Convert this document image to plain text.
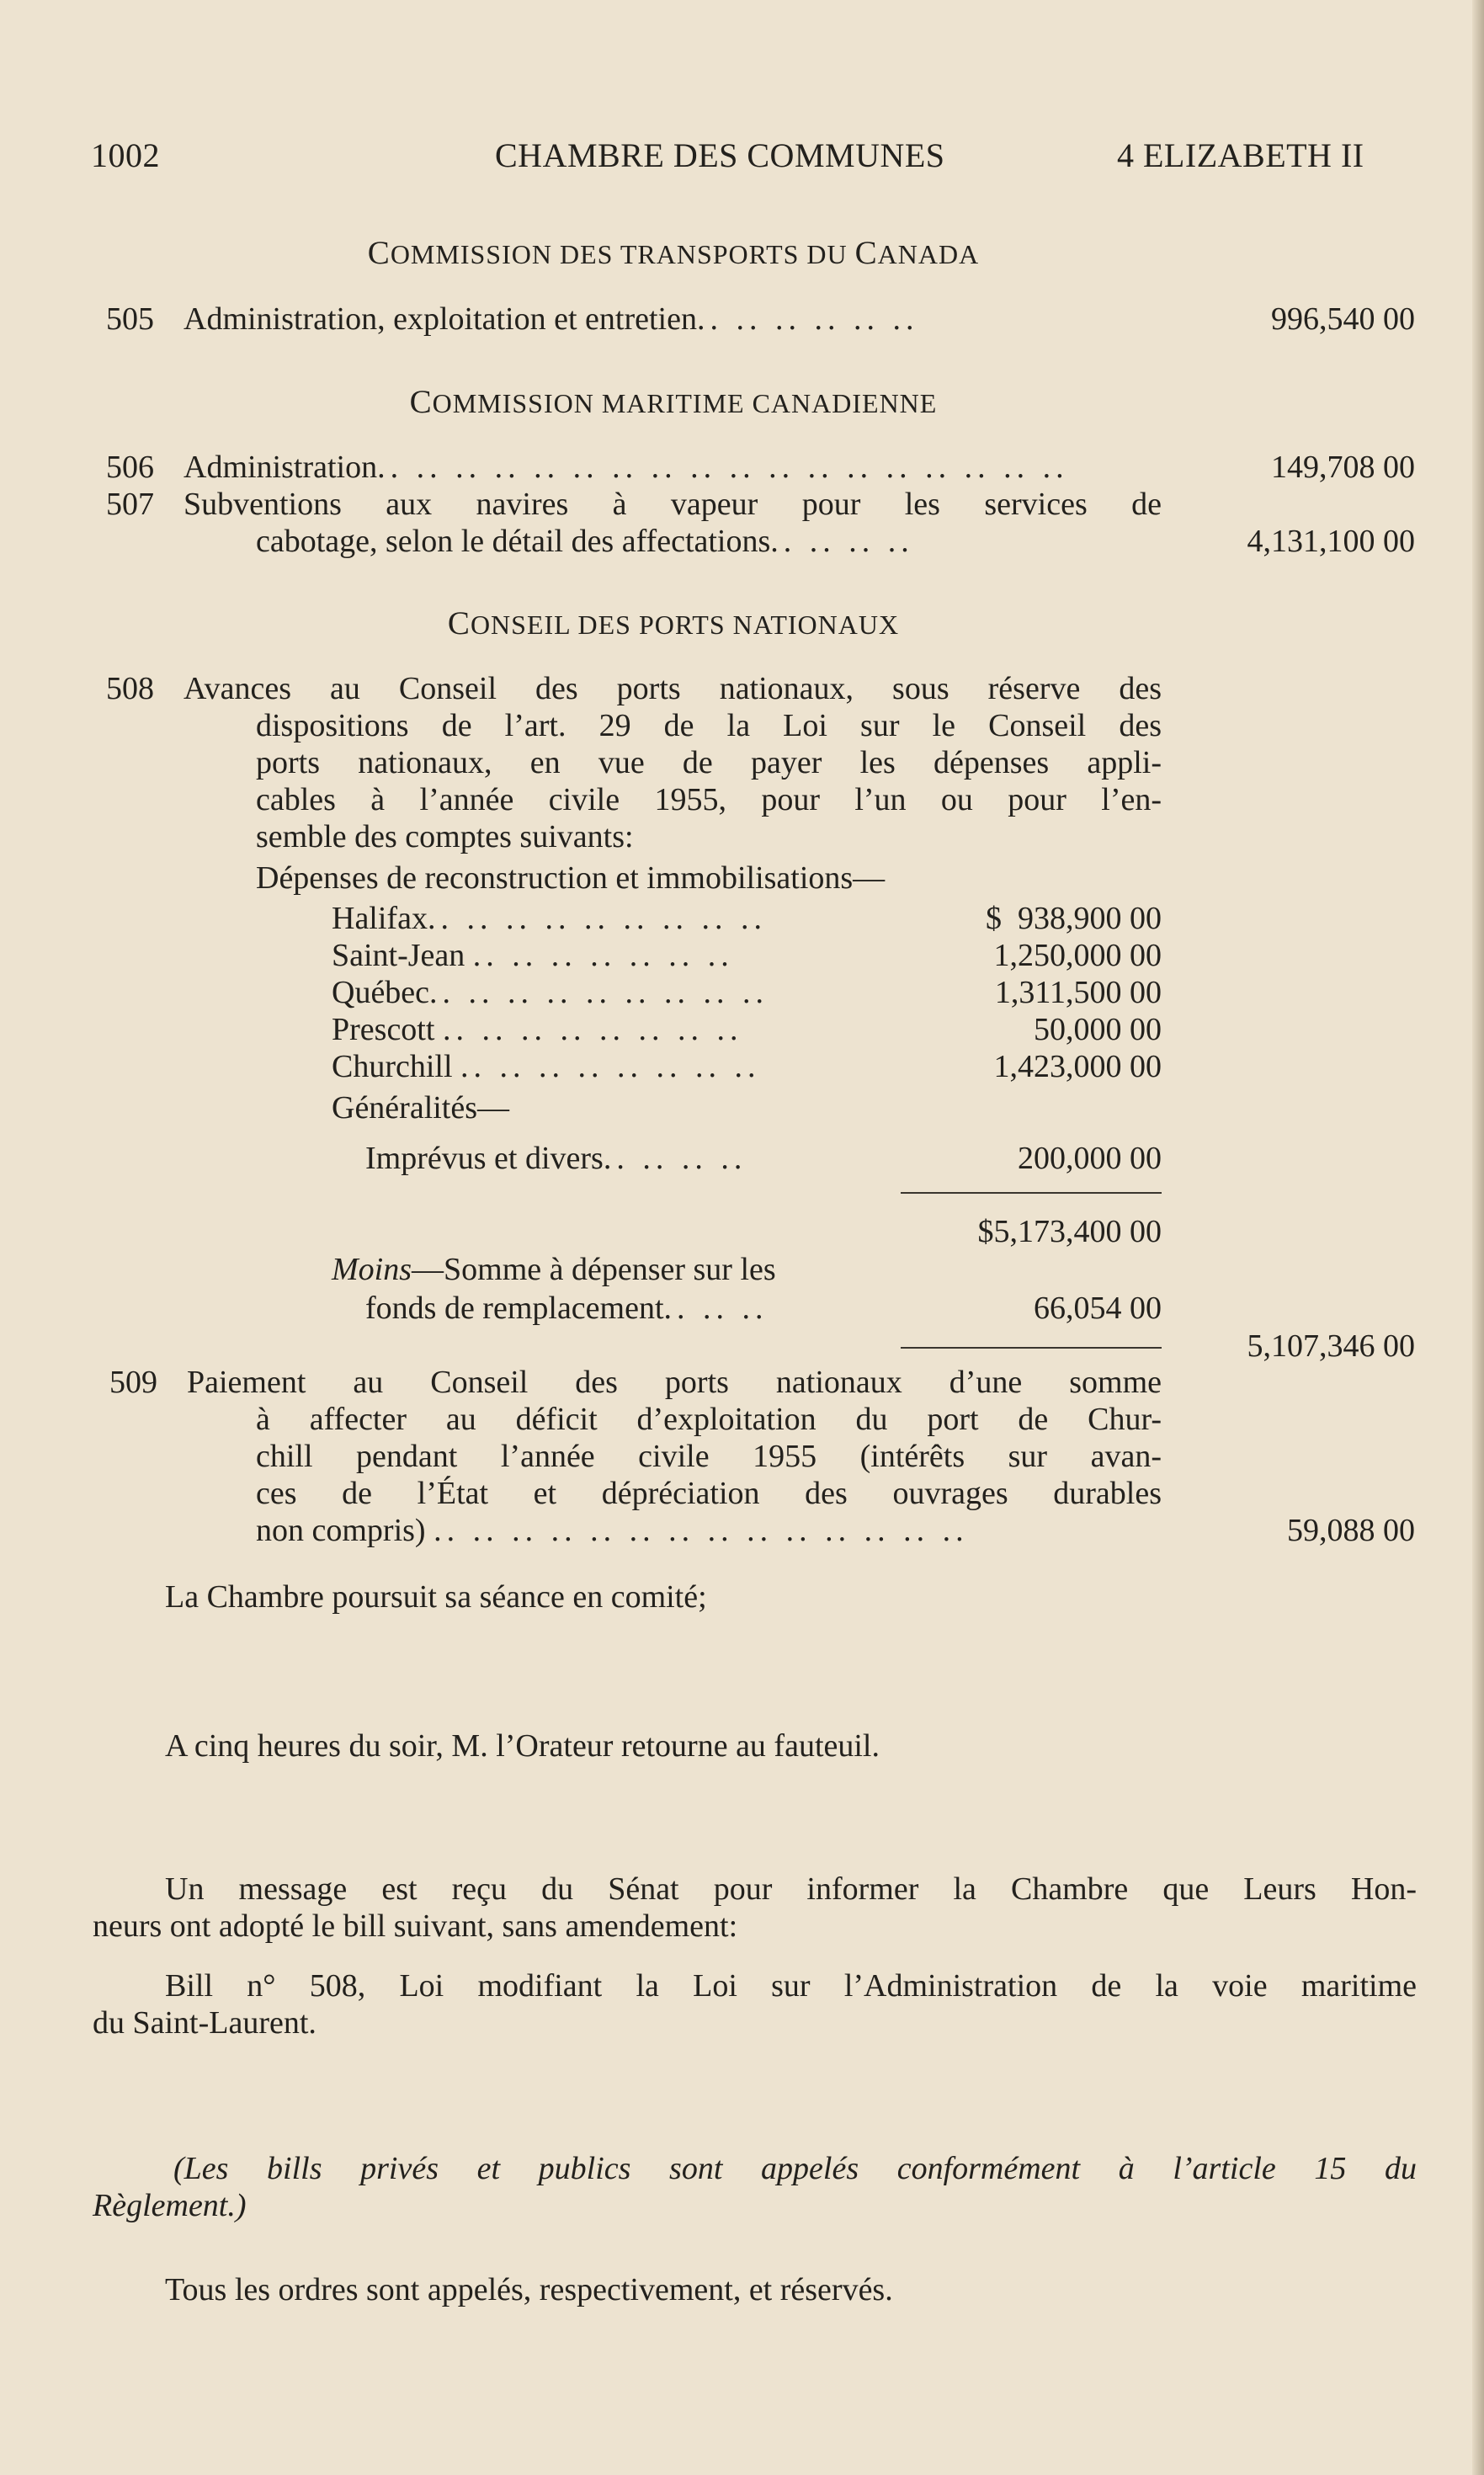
1002	CHAMBRE DES COMMUNES	4 ELIZABETH II
COMMISSION DES TRANSPORTS DU CANADA
505 Administration, exploitation et entretien.. .. .. .. .. ..	996,540 00
COMMISSION MARITIME CANADIENNE
506 Administration.. .. .. .. .. .. .. .. .. .. .. .. .. .. .. .. .. ..	149,708 00
507 Subventions aux navires à vapeur pour les services de
cabotage, selon le détail des affectations.. .. .. ..	4,131,100 00
CONSEIL DES PORTS NATIONAUX
508 Avances au Conseil des ports nationaux, sous réserve des
dispositions de l’art. 29 de la Loi sur le Conseil des
ports nationaux, en vue de payer les dépenses appli-
cables à l’année civile 1955, pour l’un ou pour l’en-
semble des comptes suivants:
Dépenses de reconstruction et immobilisations—
Halifax.. .. .. .. .. .. .. .. ..	$  938,900 00
Saint-Jean .. .. .. .. .. .. ..	1,250,000 00
Québec.. .. .. .. .. .. .. .. ..	1,311,500 00
Prescott .. .. .. .. .. .. .. ..	50,000 00
Churchill .. .. .. .. .. .. .. ..	1,423,000 00
Généralités—
Imprévus et divers.. .. .. ..	200,000 00
$5,173,400 00
Moins—Somme à dépenser sur les
fonds de remplacement.. .. ..	66,054 00
5,107,346 00
509 Paiement au Conseil des ports nationaux d’une somme
à affecter au déficit d’exploitation du port de Chur-
chill pendant l’année civile 1955 (intérêts sur avan-
ces de l’État et dépréciation des ouvrages durables
non compris) .. .. .. .. .. .. .. .. .. .. .. .. .. ..	59,088 00
La Chambre poursuit sa séance en comité;
A cinq heures du soir, M. l’Orateur retourne au fauteuil.
Un message est reçu du Sénat pour informer la Chambre que Leurs Hon-
neurs ont adopté le bill suivant, sans amendement:
Bill n° 508, Loi modifiant la Loi sur l’Administration de la voie maritime
du Saint-Laurent.
(Les bills privés et publics sont appelés conformément à l’article 15 du
Règlement.)
Tous les ordres sont appelés, respectivement, et réservés.
